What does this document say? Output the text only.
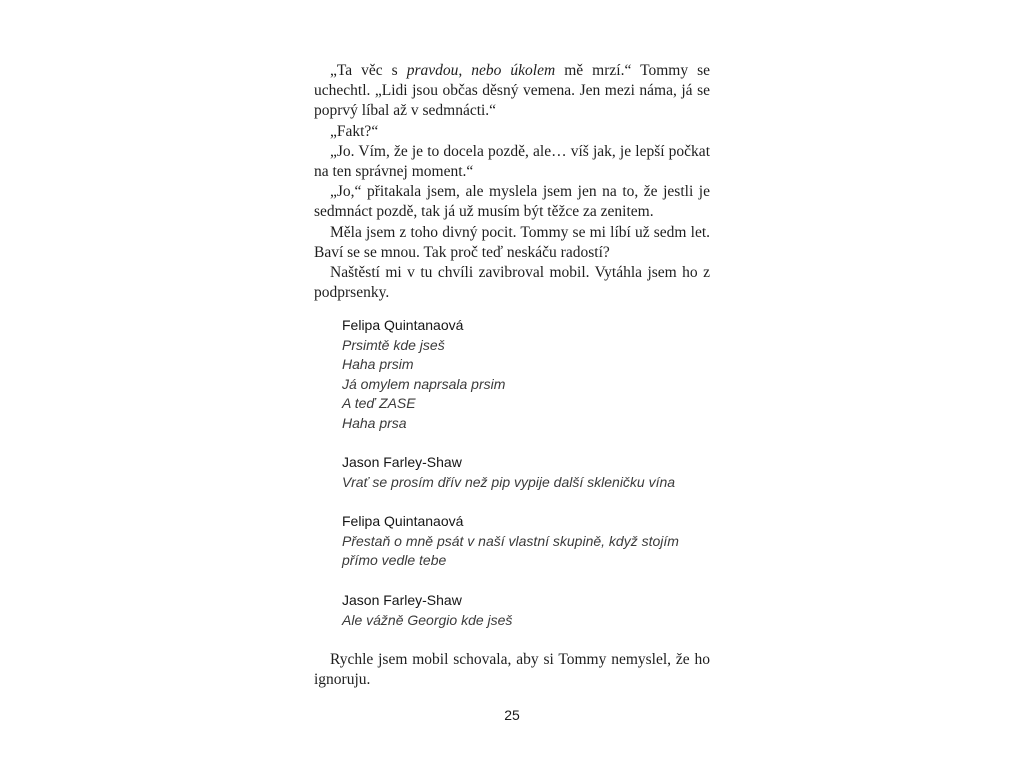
„Ta věc s pravdou, nebo úkolem mě mrzí.“ Tommy se uchechtl. „Lidi jsou občas děsný vemena. Jen mezi náma, já se poprvý líbal až v sedmnácti.“

„Fakt?“

„Jo. Vím, že je to docela pozdě, ale… víš jak, je lepší počkat na ten správnej moment.“

„Jo,“ přitakala jsem, ale myslela jsem jen na to, že jestli je sedmnáct pozdě, tak já už musím být těžce za zenitem.

Měla jsem z toho divný pocit. Tommy se mi líbí už sedm let. Baví se se mnou. Tak proč teď neskáču radostí?

Naštěstí mi v tu chvíli zavibroval mobil. Vytáhla jsem ho z podprsenky.

Felipa Quintanaová

Prsimtě kde jseš

Haha prsim

Já omylem naprsala prsim

A teď ZASE

Haha prsa

Jason Farley-Shaw

Vrať se prosím dřív než pip vypije další skleničku vína

Felipa Quintanaová

Přestaň o mně psát v naší vlastní skupině, když stojím

přímo vedle tebe

Jason Farley-Shaw

Ale vážně Georgio kde jseš

Rychle jsem mobil schovala, aby si Tommy nemyslel, že ho ignoruju.

25
